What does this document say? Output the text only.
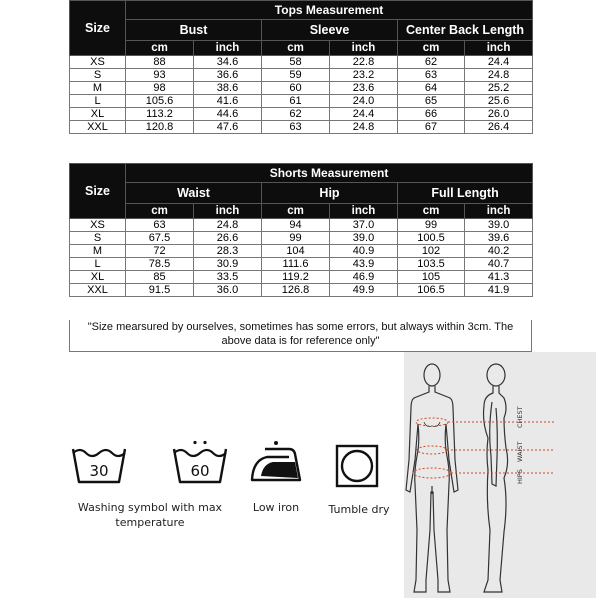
Size	Tops Measurement					
	Bust		Sleeve		Center Back Length	
	cm	inch	cm	inch	cm	inch
XS	88	34.6	58	22.8	62	24.4
S	93	36.6	59	23.2	63	24.8
M	98	38.6	60	23.6	64	25.2
L	105.6	41.6	61	24.0	65	25.6
XL	113.2	44.6	62	24.4	66	26.0
XXL	120.8	47.6	63	24.8	67	26.4
Size	Shorts Measurement					
	Waist		Hip		Full Length	
	cm	inch	cm	inch	cm	inch
XS	63	24.8	94	37.0	99	39.0
S	67.5	26.6	99	39.0	100.5	39.6
M	72	28.3	104	40.9	102	40.2
L	78.5	30.9	111.6	43.9	103.5	40.7
XL	85	33.5	119.2	46.9	105	41.3
XXL	91.5	36.0	126.8	49.9	106.5	41.9
"Size mearsured by ourselves, sometimes has some errors, but always within 3cm. The
above data is for reference only"
30	60
Washing symbol with max
temperature
Low iron	Tumble dry
CHEST
WAIST
HIPS
